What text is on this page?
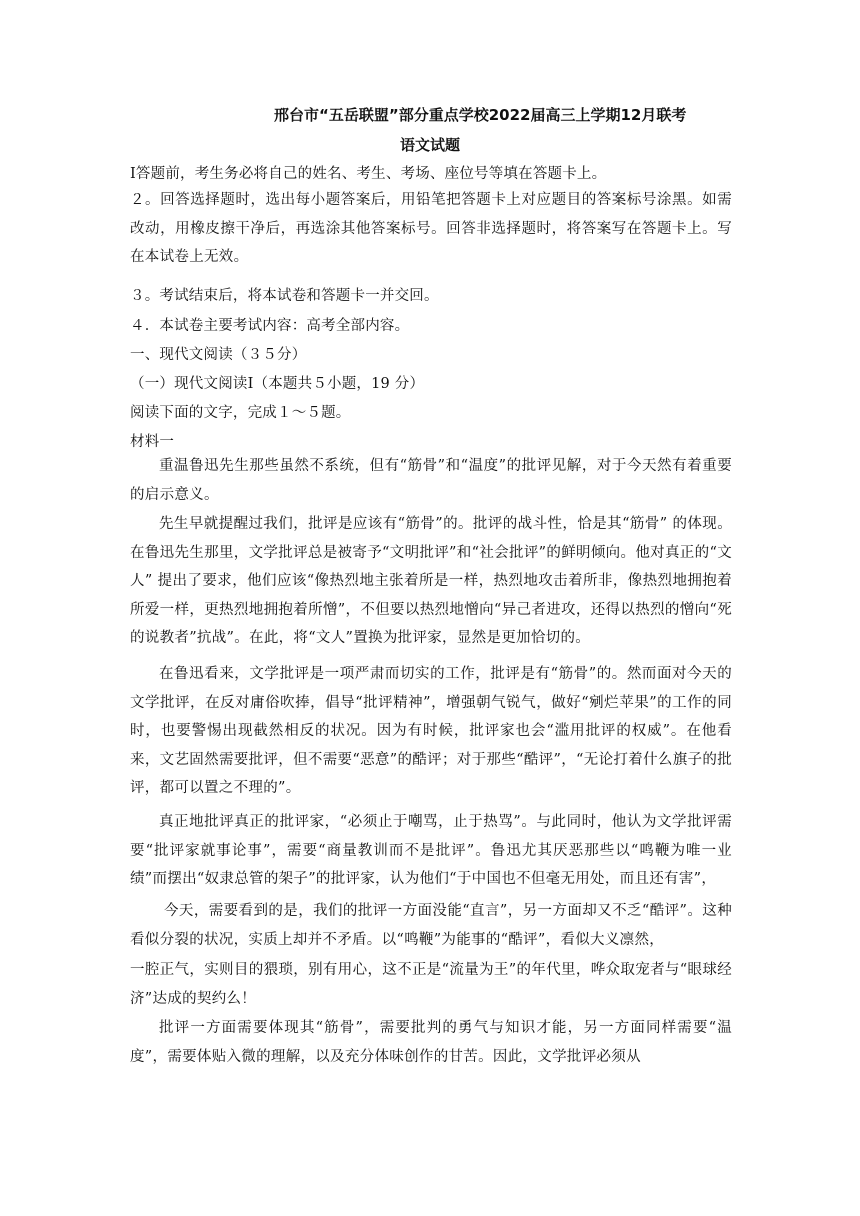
邢台市“五岳联盟”部分重点学校2022届高三上学期12月联考
语文试题
Ⅰ答题前，考生务必将自己的姓名、考生、考场、座位号等填在答题卡上。
２。回答选择题时，选出每小题答案后，用铅笔把答题卡上对应题目的答案标号涂黑。如需改动，用橡皮擦干净后，再选涂其他答案标号。回答非选择题时，将答案写在答题卡上。写在本试卷上无效。
３。考试结束后，将本试卷和答题卡一并交回。
４．本试卷主要考试内容：高考全部内容。
一、现代文阅读（３５分）
（一）现代文阅读Ⅰ（本题共５小题，19 分）
阅读下面的文字，完成１～５题。
材料一
重温鲁迅先生那些虽然不系统，但有“筋骨”和“温度”的批评见解，对于今天然有着重要的启示意义。
先生早就提醒过我们，批评是应该有“筋骨”的。批评的战斗性，恰是其“筋骨” 的体现。在鲁迅先生那里，文学批评总是被寄予“文明批评”和“社会批评”的鲜明倾向。他对真正的“文人” 提出了要求，他们应该“像热烈地主张着所是一样，热烈地攻击着所非，像热烈地拥抱着所爱一样，更热烈地拥抱着所憎”，不但要以热烈地憎向“异己者进攻，还得以热烈的憎向“死的说教者”抗战”。在此，将“文人”置换为批评家，显然是更加恰切的。
在鲁迅看来，文学批评是一项严肃而切实的工作，批评是有“筋骨”的。然而面对今天的文学批评，在反对庸俗吹捧，倡导“批评精神”，增强朝气锐气，做好“剜烂苹果”的工作的同时，也要警惕出现截然相反的状况。因为有时候，批评家也会“滥用批评的权威”。在他看来，文艺固然需要批评，但不需要“恶意”的酷评；对于那些“酷评”，“无论打着什么旗子的批评，都可以置之不理的”。
真正地批评真正的批评家，“必须止于嘲骂，止于热骂”。与此同时，他认为文学批评需要“批评家就事论事”，需要“商量教训而不是批评”。鲁迅尤其厌恶那些以“鸣鞭为唯一业绩”而摆出“奴隶总管的架子”的批评家，认为他们“于中国也不但毫无用处，而且还有害”，
今天，需要看到的是，我们的批评一方面没能“直言”，另一方面却又不乏“酷评”。这种看似分裂的状况，实质上却并不矛盾。以“鸣鞭”为能事的“酷评”，看似大义凛然，
一腔正气，实则目的猥琐，别有用心，这不正是“流量为王”的年代里，哗众取宠者与“眼球经济”达成的契约么！
批评一方面需要体现其“筋骨”，需要批判的勇气与知识才能，另一方面同样需要“温度”，需要体贴入微的理解，以及充分体味创作的甘苦。因此，文学批评必须从
